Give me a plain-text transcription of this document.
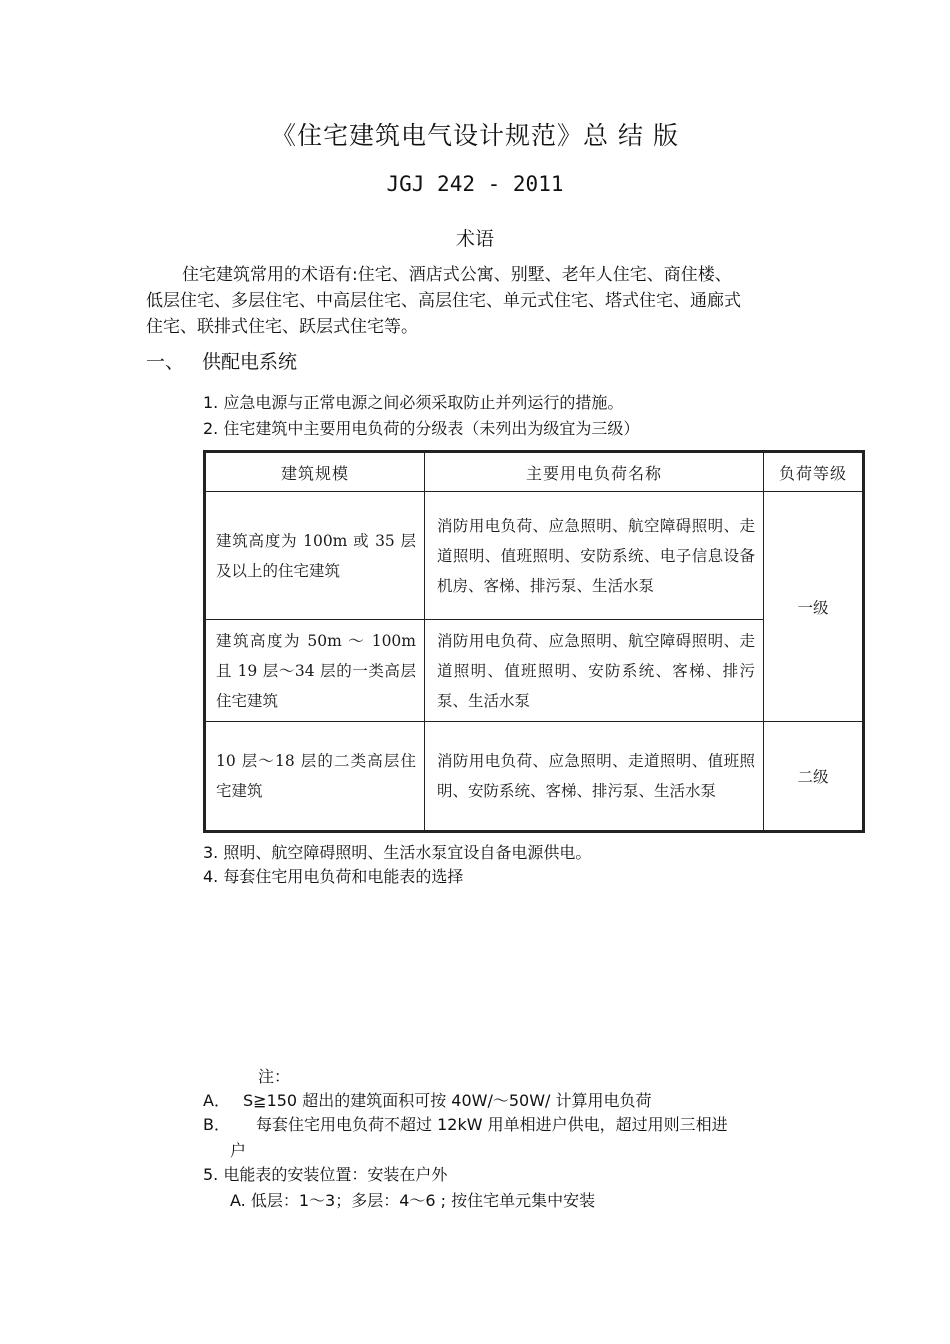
《住宅建筑电气设计规范》总 结 版
JGJ 242 - 2011
术语
住宅建筑常用的术语有:住宅、酒店式公寓、别墅、老年人住宅、商住楼、
低层住宅、多层住宅、中高层住宅、高层住宅、单元式住宅、塔式住宅、通廊式
住宅、联排式住宅、跃层式住宅等。
一、 供配电系统
1. 应急电源与正常电源之间必须采取防止并列运行的措施。
2. 住宅建筑中主要用电负荷的分级表（未列出为级宜为三级）
建筑规模	主要用电负荷名称	负荷等级
建筑高度为 100m 或 35 层及以上的住宅建筑	消防用电负荷、应急照明、航空障碍照明、走道照明、值班照明、安防系统、电子信息设备机房、客梯、排污泵、生活水泵	一级
建筑高度为 50m ～ 100m 且 19 层～34 层的一类高层住宅建筑	消防用电负荷、应急照明、航空障碍照明、走道照明、值班照明、安防系统、客梯、排污泵、生活水泵	
10 层～18 层的二类高层住宅建筑	消防用电负荷、应急照明、走道照明、值班照明、安防系统、客梯、排污泵、生活水泵	二级
3. 照明、航空障碍照明、生活水泵宜设自备电源供电。
4. 每套住宅用电负荷和电能表的选择
注：
A． S≧150 超出的建筑面积可按 40W/～50W/ 计算用电负荷
B． 每套住宅用电负荷不超过 12kW 用单相进户供电，超过用则三相进
户
5. 电能表的安装位置：安装在户外
A. 低层：1～3；多层：4～6 ; 按住宅单元集中安装
